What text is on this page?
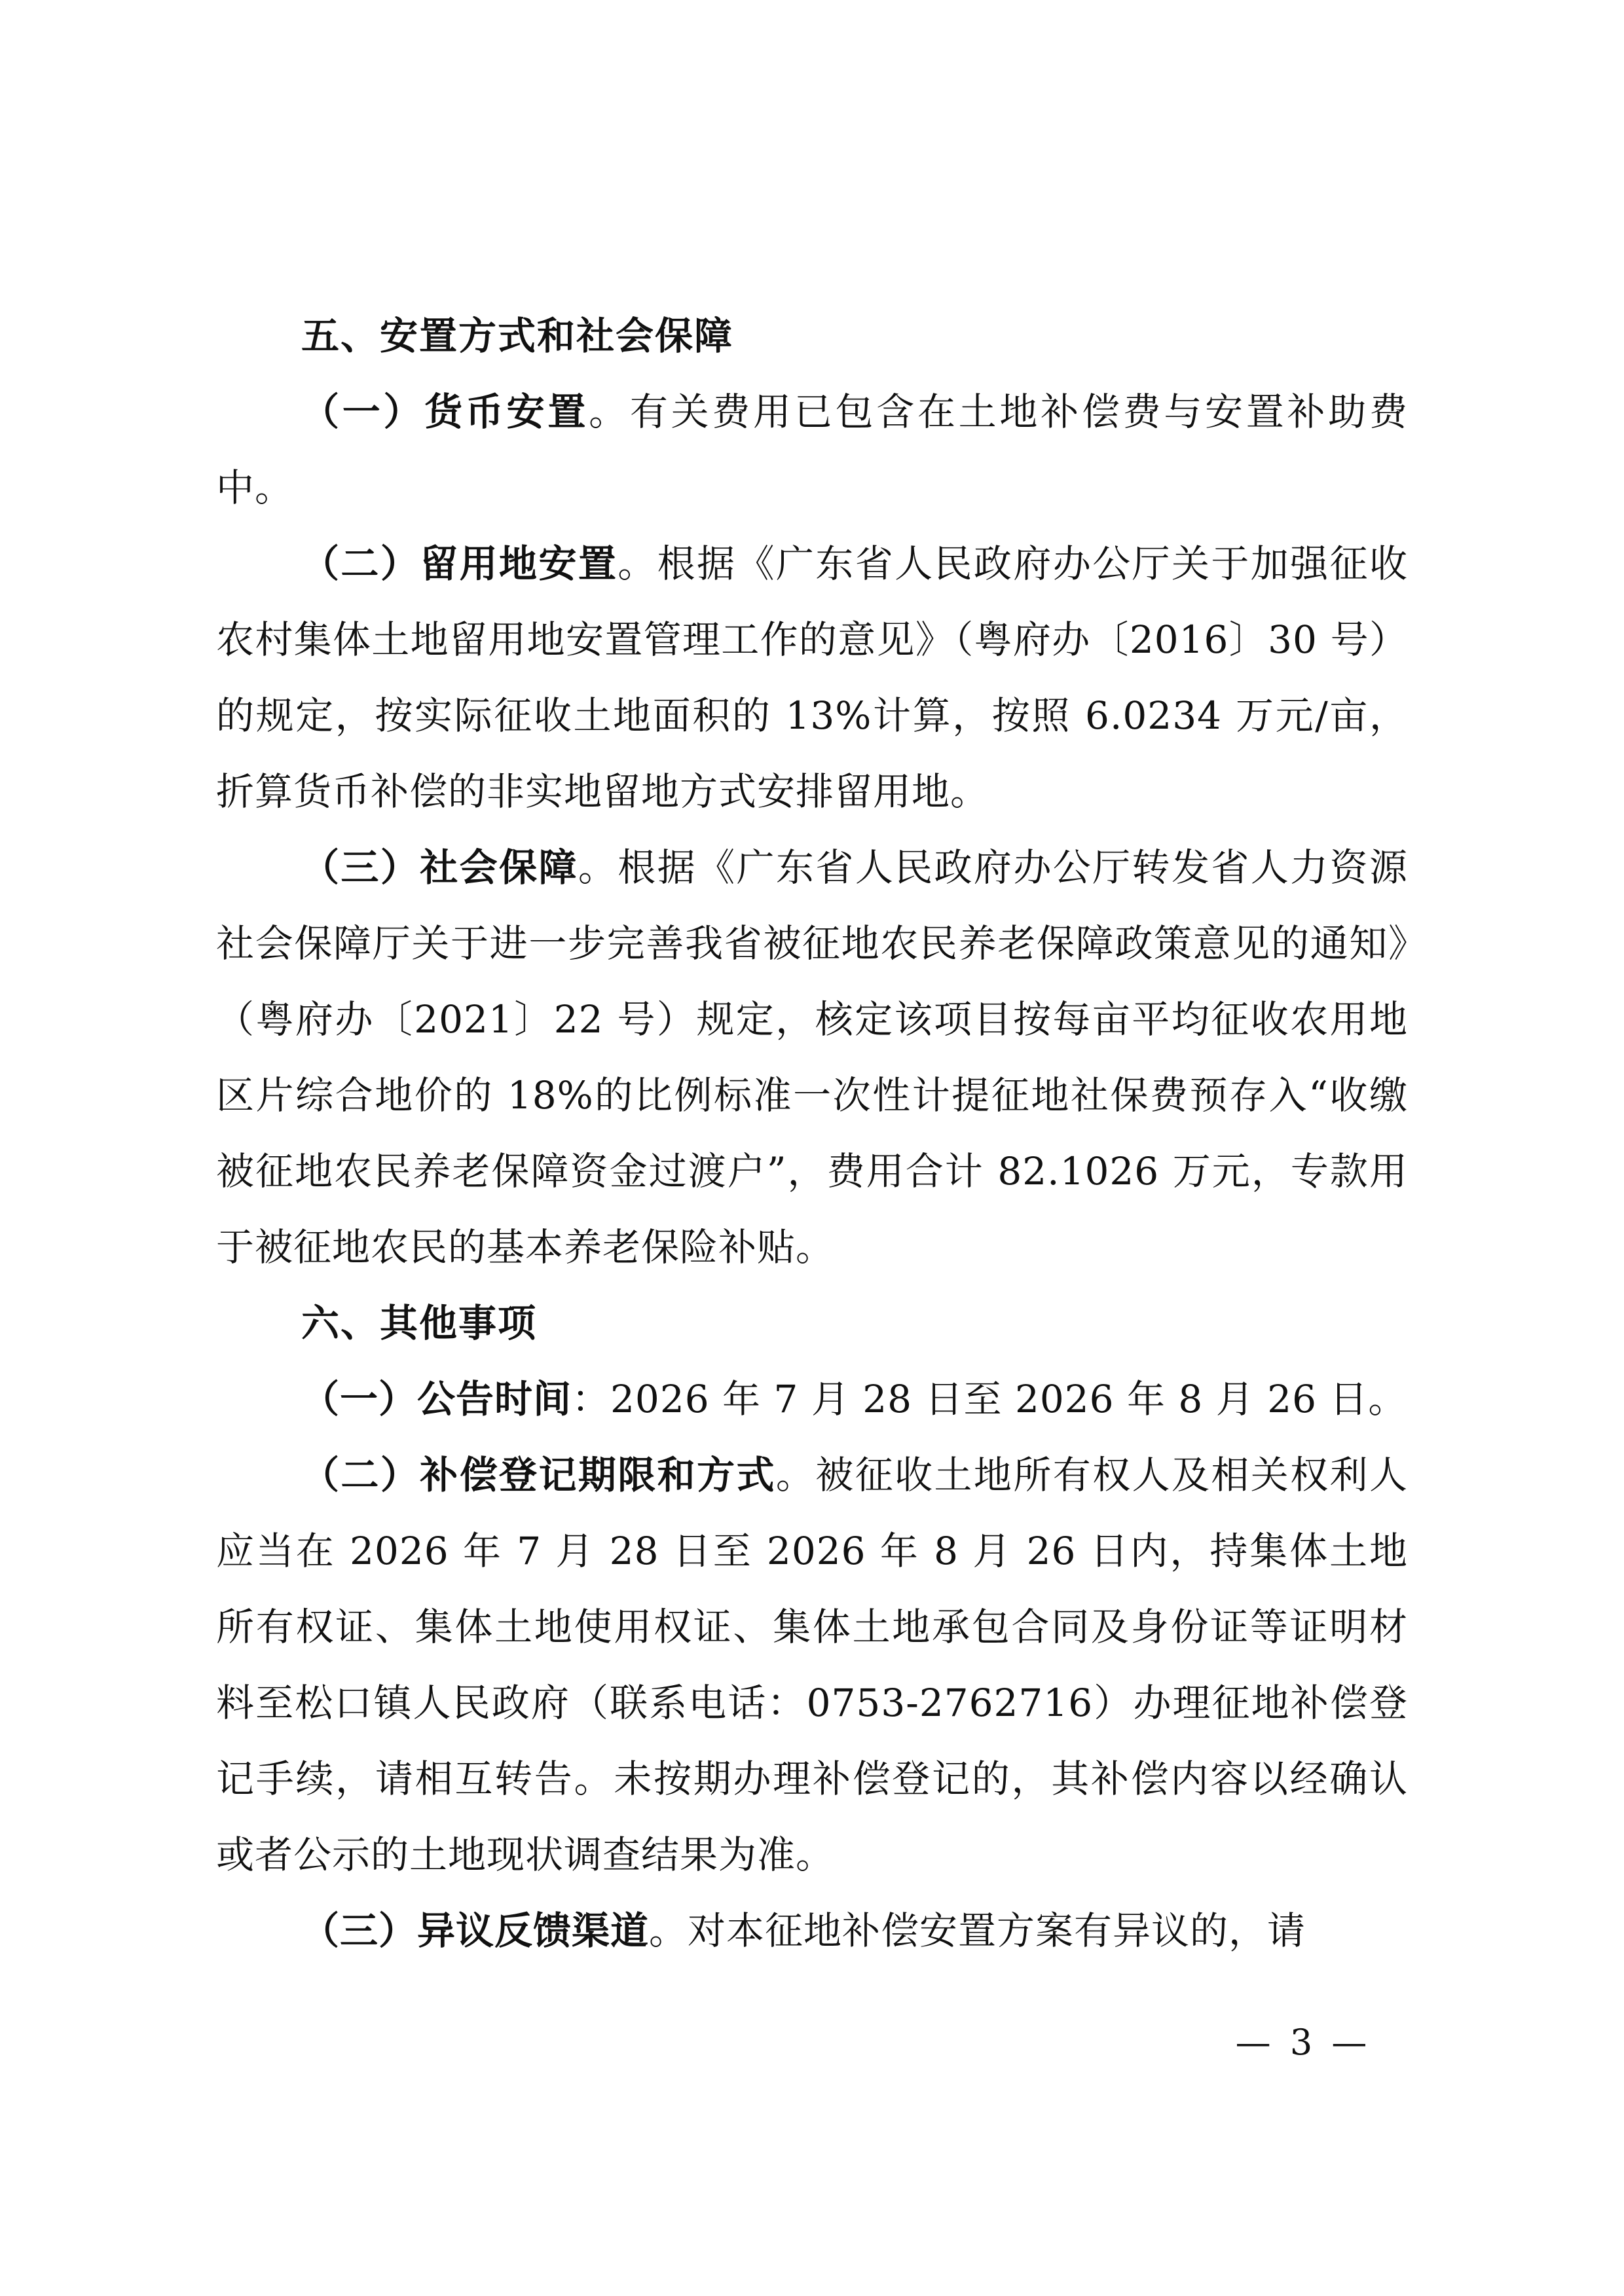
五、安置方式和社会保障

（一）货币安置。有关费用已包含在土地补偿费与安置补助费中。

（二）留用地安置。根据《广东省人民政府办公厅关于加强征收农村集体土地留用地安置管理工作的意见》（粤府办〔2016〕30 号）的规定，按实际征收土地面积的 13%计算，按照 6.0234 万元/亩，折算货币补偿的非实地留地方式安排留用地。

（三）社会保障。根据《广东省人民政府办公厅转发省人力资源社会保障厅关于进一步完善我省被征地农民养老保障政策意见的通知》（粤府办〔2021〕22 号）规定，核定该项目按每亩平均征收农用地区片综合地价的 18%的比例标准一次性计提征地社保费预存入“收缴被征地农民养老保障资金过渡户”，费用合计 82.1026 万元，专款用于被征地农民的基本养老保险补贴。

六、其他事项

（一）公告时间：2026 年 7 月 28 日至 2026 年 8 月 26 日。

（二）补偿登记期限和方式。被征收土地所有权人及相关权利人应当在 2026 年 7 月 28 日至 2026 年 8 月 26 日内，持集体土地所有权证、集体土地使用权证、集体土地承包合同及身份证等证明材料至松口镇人民政府（联系电话：0753-2762716）办理征地补偿登记手续，请相互转告。未按期办理补偿登记的，其补偿内容以经确认或者公示的土地现状调查结果为准。

（三）异议反馈渠道。对本征地补偿安置方案有异议的，请

— 3 —
